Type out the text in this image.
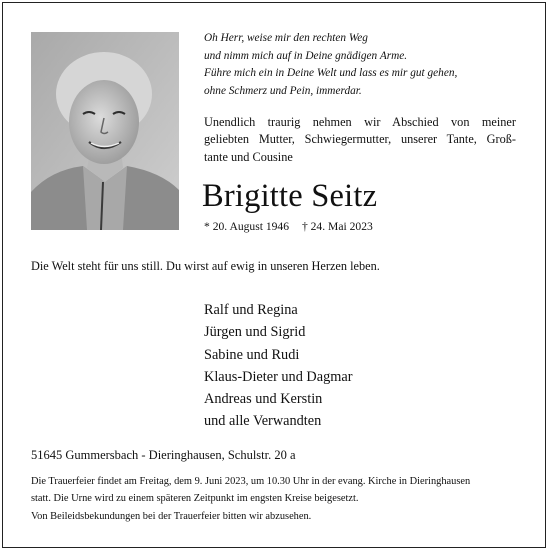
Oh Herr, weise mir den rechten Weg
und nimm mich auf in Deine gnädigen Arme.
Führe mich ein in Deine Welt und lass es mir gut gehen,
ohne Schmerz und Pein, immerdar.
Unendlich traurig nehmen wir Abschied von meiner
geliebten Mutter, Schwiegermutter, unserer Tante, Groß-
tante und Cousine
Brigitte Seitz
* 20. August 1946 † 24. Mai 2023
Die Welt steht für uns still. Du wirst auf ewig in unseren Herzen leben.
Ralf und Regina
Jürgen und Sigrid
Sabine und Rudi
Klaus-Dieter und Dagmar
Andreas und Kerstin
und alle Verwandten
51645 Gummersbach - Dieringhausen, Schulstr. 20 a
Die Trauerfeier findet am Freitag, dem 9. Juni 2023, um 10.30 Uhr in der evang. Kirche in Dieringhausen
statt. Die Urne wird zu einem späteren Zeitpunkt im engsten Kreise beigesetzt.
Von Beileidsbekundungen bei der Trauerfeier bitten wir abzusehen.
